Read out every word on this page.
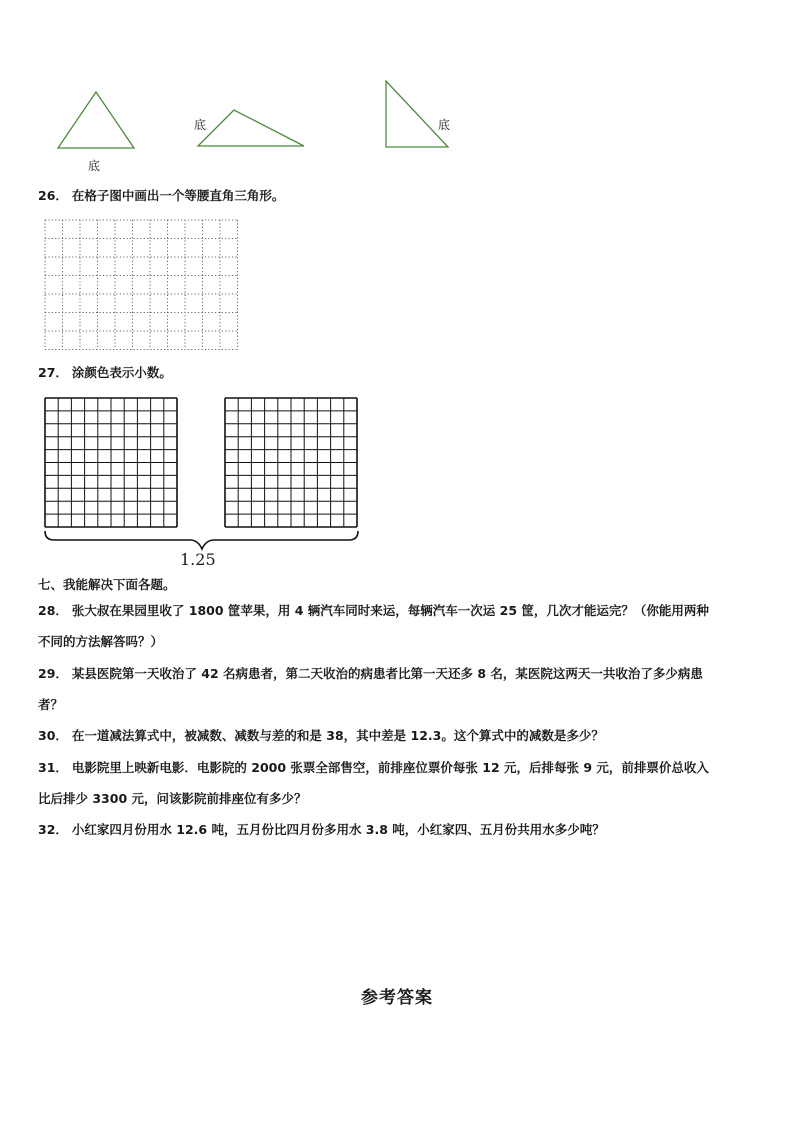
底
底	底
26． 在格子图中画出一个等腰直角三角形。
27． 涂颜色表示小数。
1.25
七、我能解决下面各题。
28． 张大叔在果园里收了 1800 筐苹果，用 4 辆汽车同时来运，每辆汽车一次运 25 筐，几次才能运完？（你能用两种
不同的方法解答吗？）
29． 某县医院第一天收治了 42 名病患者，第二天收治的病患者比第一天还多 8 名，某医院这两天一共收治了多少病患
者？
30． 在一道减法算式中，被减数、减数与差的和是 38，其中差是 12.3。这个算式中的减数是多少？
31． 电影院里上映新电影．电影院的 2000 张票全部售空，前排座位票价每张 12 元，后排每张 9 元，前排票价总收入
比后排少 3300 元，问该影院前排座位有多少？
32． 小红家四月份用水 12.6 吨，五月份比四月份多用水 3.8 吨，小红家四、五月份共用水多少吨？
参考答案
